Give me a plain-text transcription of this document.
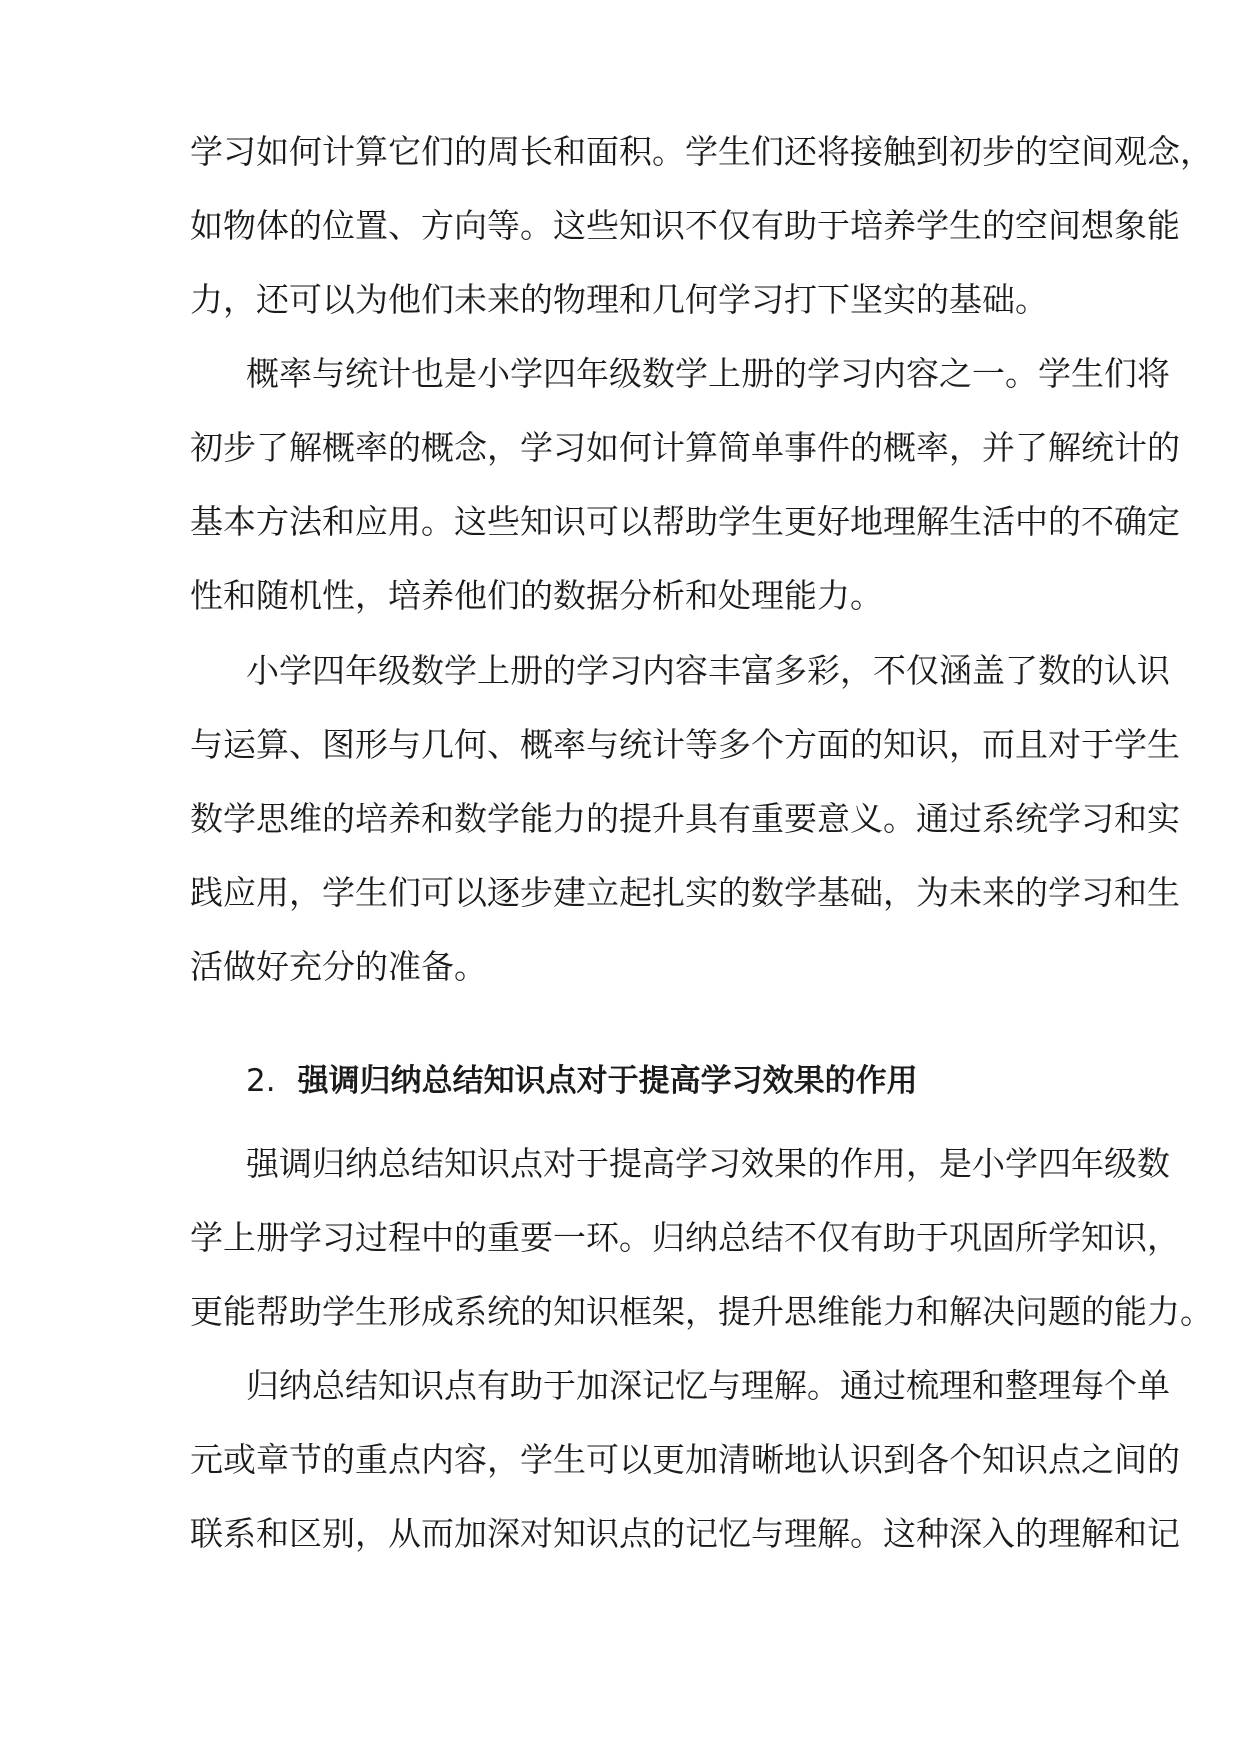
学习如何计算它们的周长和面积。学生们还将接触到初步的空间观念，
如物体的位置、方向等。这些知识不仅有助于培养学生的空间想象能
力，还可以为他们未来的物理和几何学习打下坚实的基础。
概率与统计也是小学四年级数学上册的学习内容之一。学生们将
初步了解概率的概念，学习如何计算简单事件的概率，并了解统计的
基本方法和应用。这些知识可以帮助学生更好地理解生活中的不确定
性和随机性，培养他们的数据分析和处理能力。
小学四年级数学上册的学习内容丰富多彩，不仅涵盖了数的认识
与运算、图形与几何、概率与统计等多个方面的知识，而且对于学生
数学思维的培养和数学能力的提升具有重要意义。通过系统学习和实
践应用，学生们可以逐步建立起扎实的数学基础，为未来的学习和生
活做好充分的准备。
2. 强调归纳总结知识点对于提高学习效果的作用
强调归纳总结知识点对于提高学习效果的作用，是小学四年级数
学上册学习过程中的重要一环。归纳总结不仅有助于巩固所学知识，
更能帮助学生形成系统的知识框架，提升思维能力和解决问题的能力。
归纳总结知识点有助于加深记忆与理解。通过梳理和整理每个单
元或章节的重点内容，学生可以更加清晰地认识到各个知识点之间的
联系和区别，从而加深对知识点的记忆与理解。这种深入的理解和记
